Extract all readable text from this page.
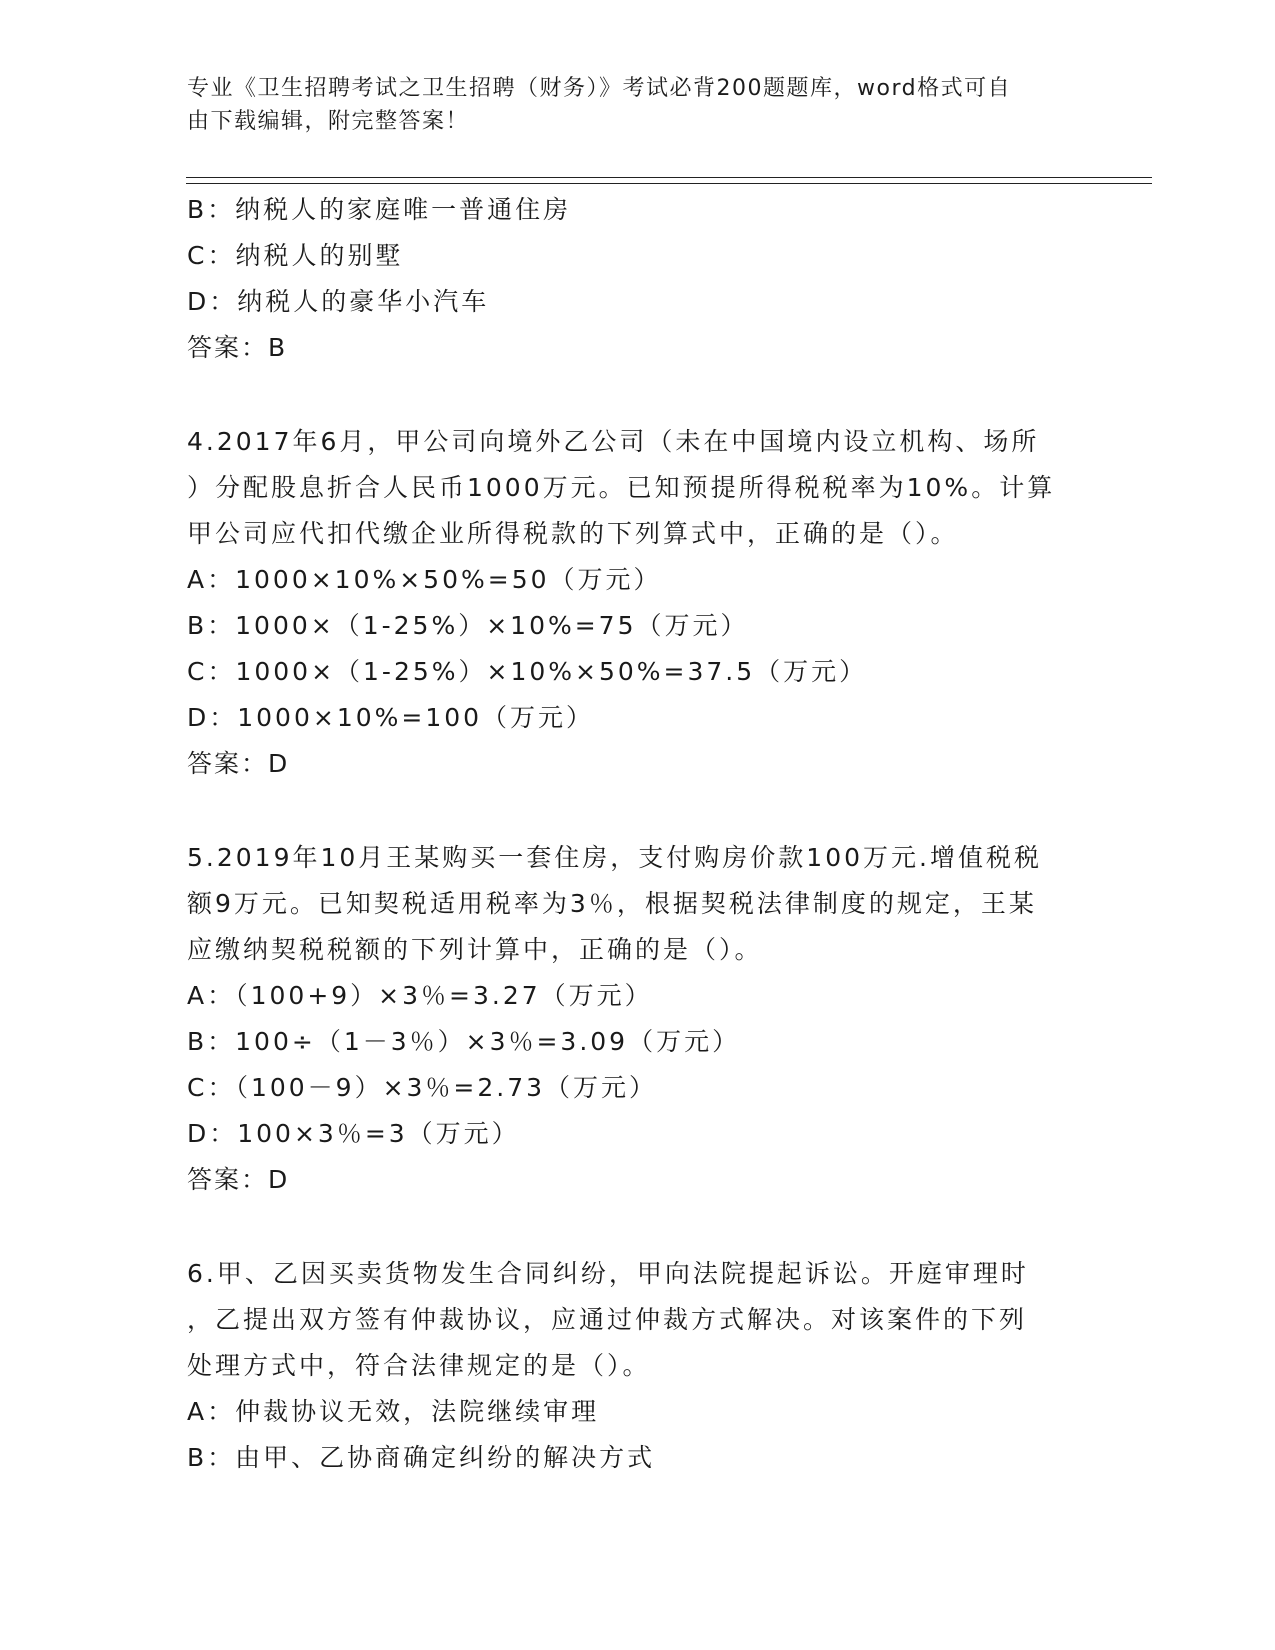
专业《卫生招聘考试之卫生招聘（财务）》考试必背200题题库，word格式可自
由下载编辑，附完整答案！
B：纳税人的家庭唯一普通住房
C：纳税人的别墅
D：纳税人的豪华小汽车
答案：B
4.2017年6月，甲公司向境外乙公司（未在中国境内设立机构、场所
）分配股息折合人民币1000万元。已知预提所得税税率为10%。计算
甲公司应代扣代缴企业所得税款的下列算式中，正确的是（）。
A：1000×10%×50%=50（万元）
B：1000×（1-25%）×10%=75（万元）
C：1000×（1-25%）×10%×50%=37.5（万元）
D：1000×10%=100（万元）
答案：D
5.2019年10月王某购买一套住房，支付购房价款100万元.增值税税
额9万元。已知契税适用税率为3％，根据契税法律制度的规定，王某
应缴纳契税税额的下列计算中，正确的是（）。
A：（100+9）×3％=3.27（万元）
B：100÷（1－3％）×3％=3.09（万元）
C：（100－9）×3％=2.73（万元）
D：100×3％=3（万元）
答案：D
6.甲、乙因买卖货物发生合同纠纷，甲向法院提起诉讼。开庭审理时
，乙提出双方签有仲裁协议，应通过仲裁方式解决。对该案件的下列
处理方式中，符合法律规定的是（）。
A：仲裁协议无效，法院继续审理
B：由甲、乙协商确定纠纷的解决方式
